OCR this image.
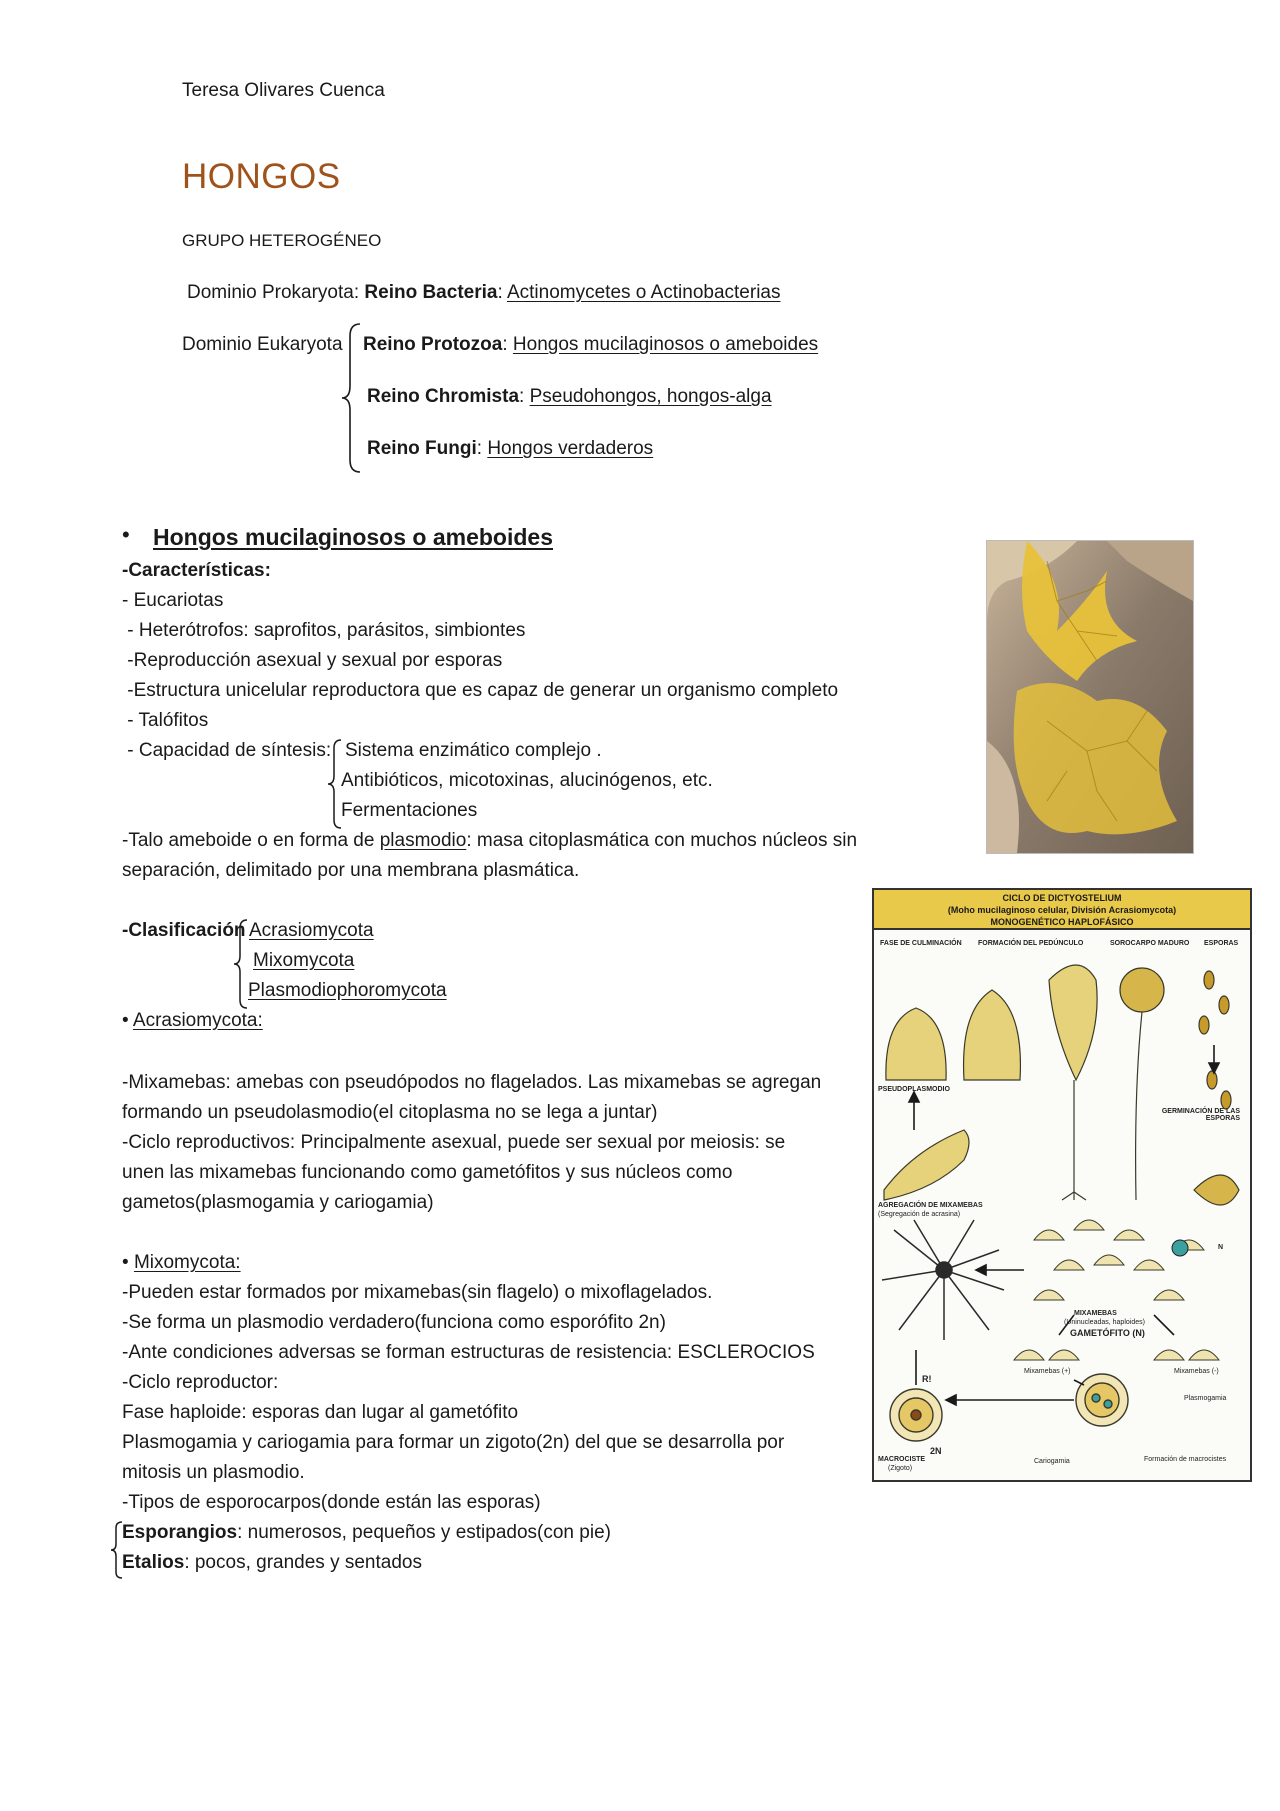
Teresa Olivares Cuenca
HONGOS
GRUPO HETEROGÉNEO
Dominio Prokaryota: Reino Bacteria: Actinomycetes o Actinobacterias
Dominio Eukaryota Reino Protozoa: Hongos mucilaginosos o ameboides
Reino Chromista: Pseudohongos, hongos-alga
Reino Fungi: Hongos verdaderos
• Hongos mucilaginosos o ameboides
-Características:
- Eucariotas
- Heterótrofos: saprofitos, parásitos, simbiontes
-Reproducción asexual y sexual por esporas
-Estructura unicelular reproductora que es capaz de generar un organismo completo
- Talófitos
- Capacidad de síntesis: Sistema enzimático complejo .
Antibióticos, micotoxinas, alucinógenos, etc.
Fermentaciones
-Talo ameboide o en forma de plasmodio: masa citoplasmática con muchos núcleos sin
separación, delimitado por una membrana plasmática.
-Clasificación Acrasiomycota
Mixomycota
Plasmodiophoromycota
• Acrasiomycota:
-Mixamebas: amebas con pseudópodos no flagelados. Las mixamebas se agregan
formando un pseudolasmodio(el citoplasma no se lega a juntar)
-Ciclo reproductivos: Principalmente asexual, puede ser sexual por meiosis: se
unen las mixamebas funcionando como gametófitos y sus núcleos como
gametos(plasmogamia y cariogamia)
• Mixomycota:
-Pueden estar formados por mixamebas(sin flagelo) o mixoflagelados.
-Se forma un plasmodio verdadero(funciona como esporófito 2n)
-Ante condiciones adversas se forman estructuras de resistencia: ESCLEROCIOS
-Ciclo reproductor:
Fase haploide: esporas dan lugar al gametófito
Plasmogamia y cariogamia para formar un zigoto(2n) del que se desarrolla por
mitosis un plasmodio.
-Tipos de esporocarpos(donde están las esporas)
Esporangios: numerosos, pequeños y estipados(con pie)
Etalios: pocos, grandes y sentados
CICLO DE DICTYOSTELIUM
(Moho mucilaginoso celular, División Acrasiomycota)
MONOGENÉTICO HAPLOFÁSICO
FASE DE CULMINACIÓN FORMACIÓN DEL PEDÚNCULO	SOROCARPO MADURO ESPORAS
PSEUDOPLASMODIO
GERMINACIÓN DE LAS ESPORAS
AGREGACIÓN DE MIXAMEBAS
(Segregación de acrasina)
N
MIXAMEBAS
(Uninucleadas, haploides)
GAMETÓFITO (N)
Mixamebas (+)	Mixamebas (-)
Plasmogamia
R!
2N
MACROCISTE
(Zigoto)
Cariogamia	Formación de macrocistes
